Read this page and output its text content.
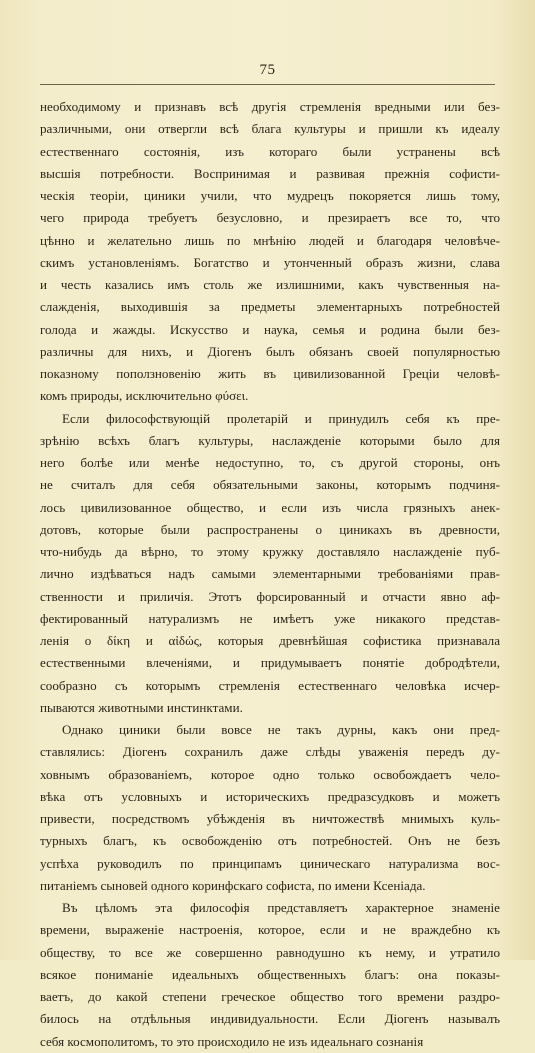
75
необходимому и признавъ всѣ другія стремленія вредными или без-
различными, они отвергли всѣ блага культуры и пришли къ идеалу
естественнаго состоянія, изъ котораго были устранены всѣ
высшія потребности. Воспринимая и развивая прежнія софисти-
ческія теоріи, циники учили, что мудрецъ покоряется лишь тому,
чего природа требуетъ безусловно, и презираетъ все то, что
цѣнно и желательно лишь по мнѣнію людей и благодаря человѣче-
скимъ установленіямъ. Богатство и утонченный образъ жизни, слава
и честь казались имъ столь же излишними, какъ чувственныя на-
слажденія, выходившія за предметы элементарныхъ потребностей
голода и жажды. Искусство и наука, семья и родина были без-
различны для нихъ, и Діогенъ былъ обязанъ своей популярностью
показному поползновенію жить въ цивилизованной Греціи человѣ-
комъ природы, исключительно φύσει.
Если философствующій пролетарій и принудилъ себя къ пре-
зрѣнію всѣхъ благъ культуры, наслажденіе которыми было для
него болѣе или менѣе недоступно, то, съ другой стороны, онъ
не считалъ для себя обязательными законы, которымъ подчиня-
лось цивилизованное общество, и если изъ числа грязныхъ анек-
дотовъ, которые были распространены о циникахъ въ древности,
что-нибудь да вѣрно, то этому кружку доставляло наслажденіе пуб-
лично издѣваться надъ самыми элементарными требованіями прав-
ственности и приличія. Этотъ форсированный и отчасти явно аф-
фектированный натурализмъ не имѣетъ уже никакого представ-
ленія о δίκη и αἰδώς, которыя древнѣйшая софистика признавала
естественными влеченіями, и придумываетъ понятіе добродѣтели,
сообразно съ которымъ стремленія естественнаго человѣка исчер-
пываются животными инстинктами.
Однако циники были вовсе не такъ дурны, какъ они пред-
ставлялись: Діогенъ сохранилъ даже слѣды уваженія передъ ду-
ховнымъ образованіемъ, которое одно только освобождаетъ чело-
вѣка отъ условныхъ и историческихъ предразсудковъ и можетъ
привести, посредствомъ убѣжденія въ ничтожествѣ мнимыхъ куль-
турныхъ благъ, къ освобожденію отъ потребностей. Онъ не безъ
успѣха руководилъ по принципамъ циническаго натурализма вос-
питаніемъ сыновей одного коринфскаго софиста, по имени Ксеніада.
Въ цѣломъ эта философія представляетъ характерное знаменіе
времени, выраженіе настроенія, которое, если и не враждебно къ
обществу, то все же совершенно равнодушно къ нему, и утратило
всякое пониманіе идеальныхъ общественныхъ благъ: она показы-
ваетъ, до какой степени греческое общество того времени раздро-
билось на отдѣльныя индивидуальности. Если Діогенъ называлъ
себя космополитомъ, то это происходило не изъ идеальнаго сознанія
